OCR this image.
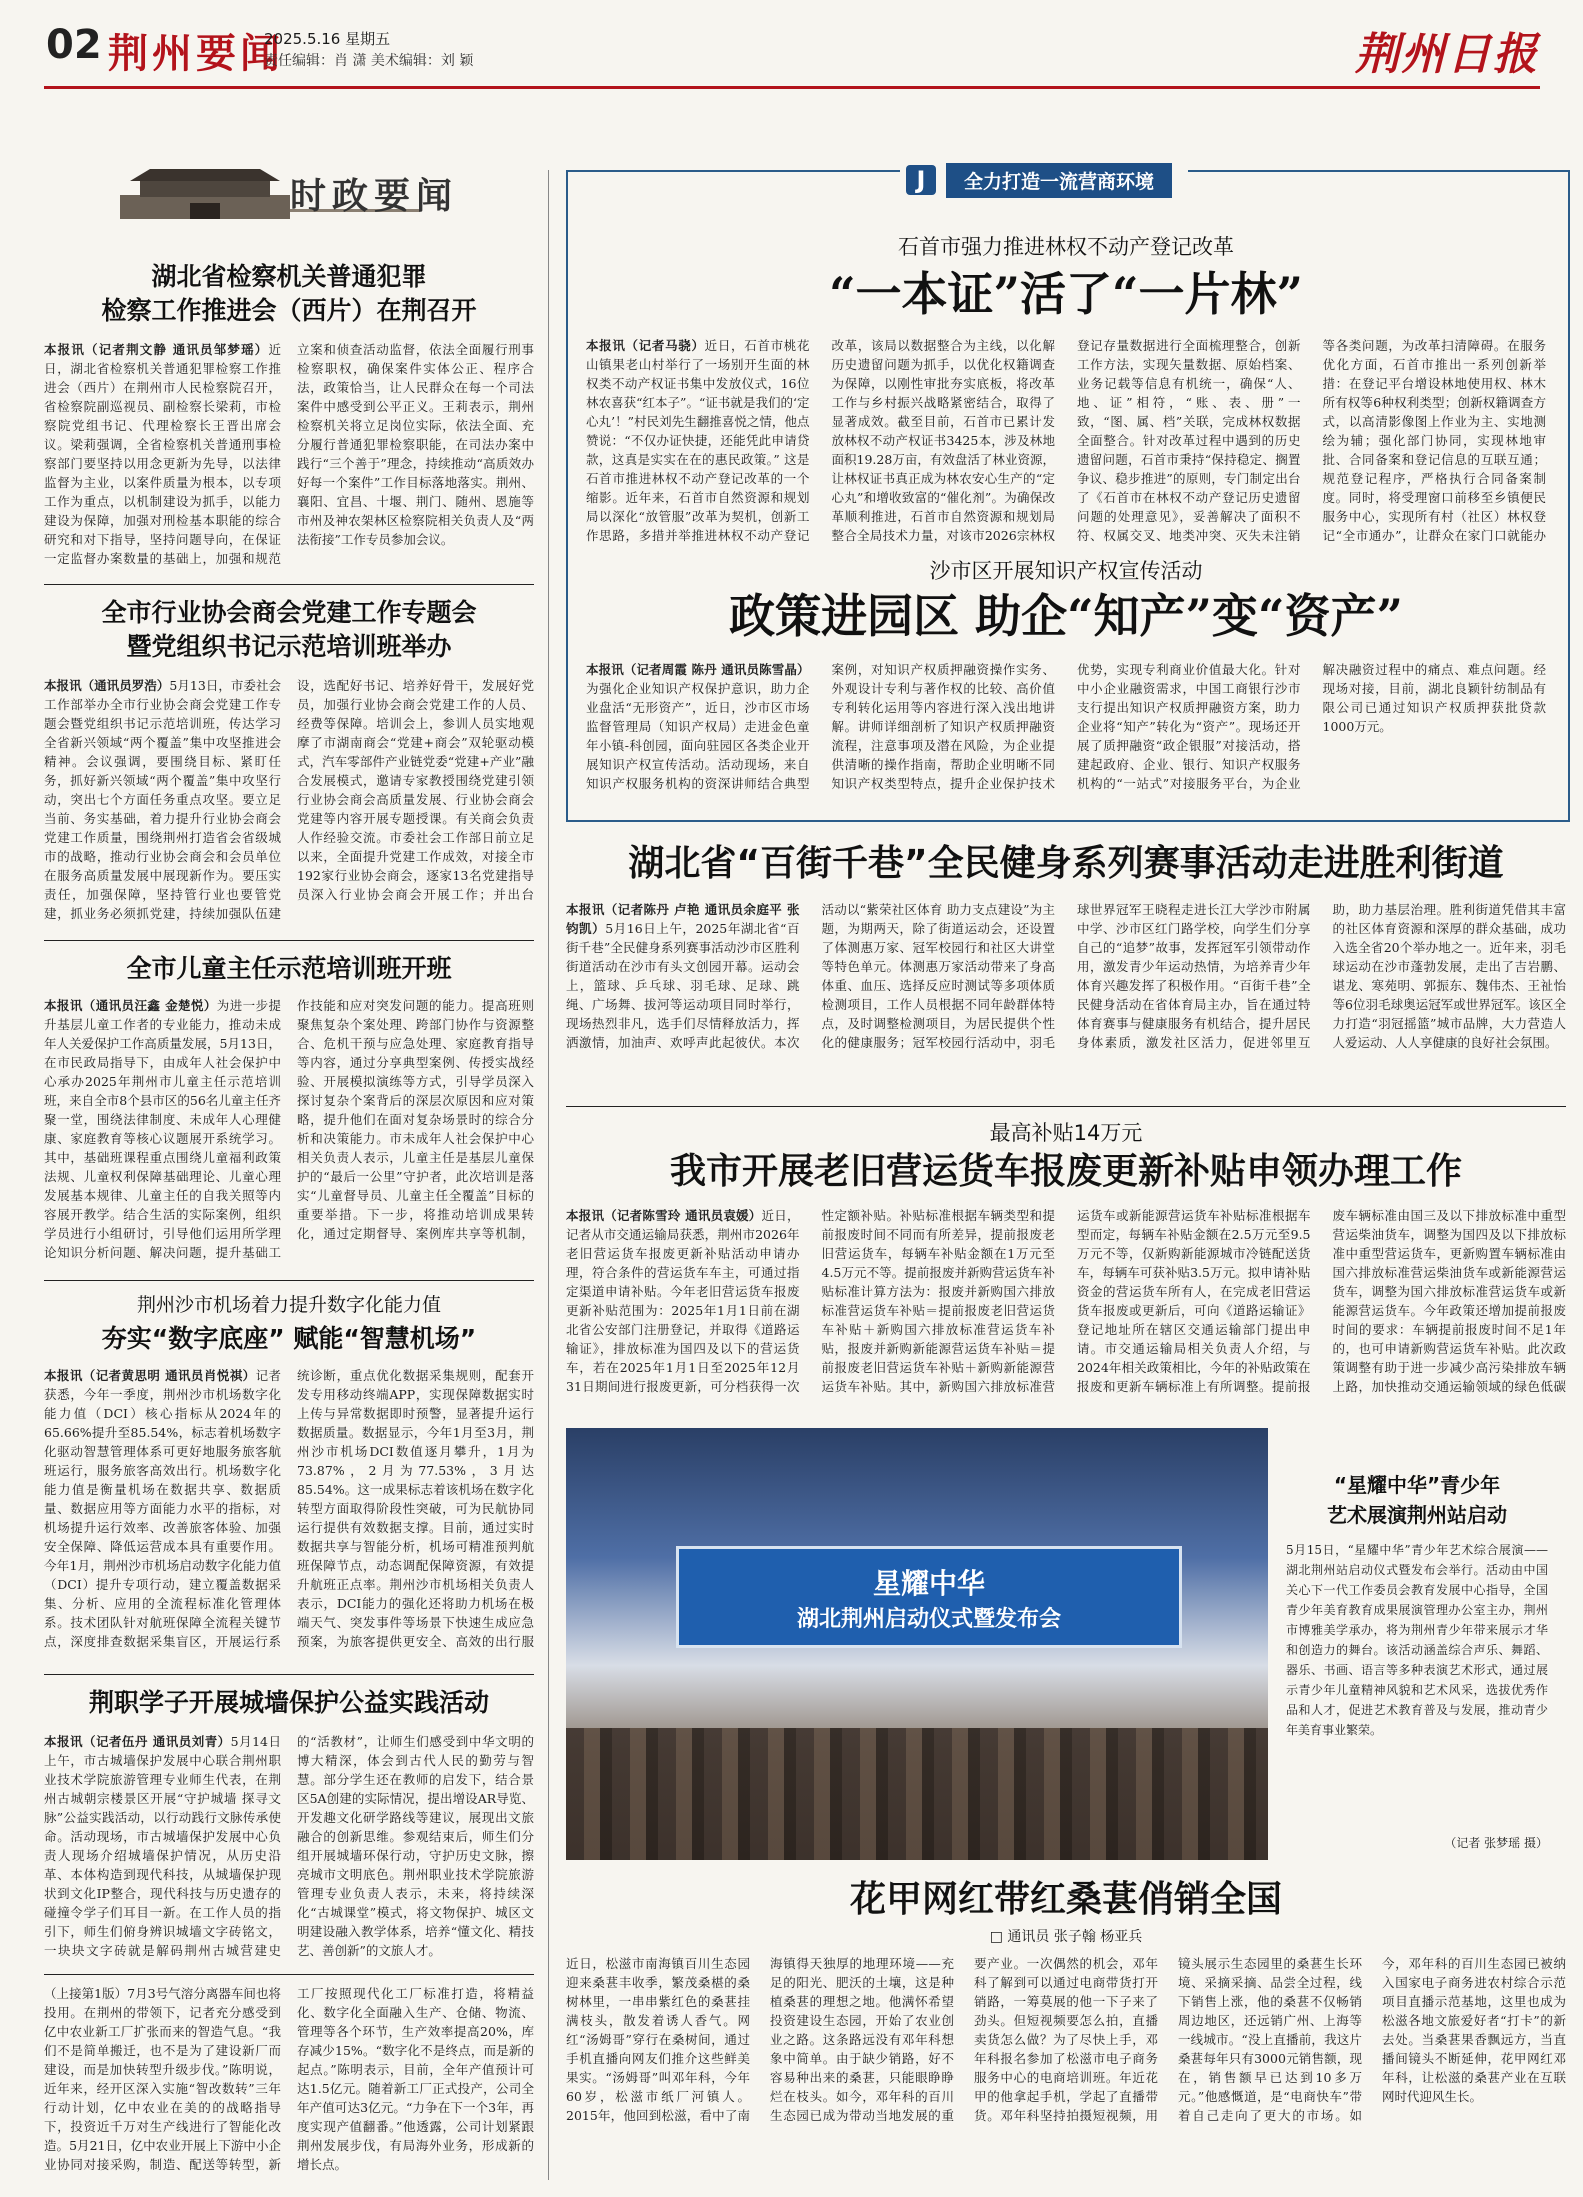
02 荆州要闻
2025.5.16 星期五
责任编辑：肖 潇 美术编辑：刘 颖	荆州日报
时政要闻
湖北省检察机关普通犯罪
检察工作推进会（西片）在荆召开
本报讯（记者荆文静 通讯员邹梦瑶）近日，湖北省检察机关普通犯罪检察工作推进会（西片）在荆州市人民检察院召开，省检察院副巡视员、副检察长梁莉，市检察院党组书记、代理检察长王晋出席会议。梁莉强调，全省检察机关普通刑事检察部门要坚持以用念更新为先导，以法律监督为主业，以案件质量为根本，以专项工作为重点，以机制建设为抓手，以能力建设为保障，加强对刑检基本职能的综合研究和对下指导，坚持问题导向，在保证一定监督办案数量的基础上，加强和规范立案和侦查活动监督，依法全面履行刑事检察职权，确保案件实体公正、程序合法，政策恰当，让人民群众在每一个司法案件中感受到公平正义。王莉表示，荆州检察机关将立足岗位实际，依法全面、充分履行普通犯罪检察职能，在司法办案中践行“三个善于”理念，持续推动“高质效办好每一个案件”工作目标落地落实。荆州、襄阳、宜昌、十堰、荆门、随州、恩施等市州及神农架林区检察院相关负责人及“两法衔接”工作专员参加会议。
全市行业协会商会党建工作专题会
暨党组织书记示范培训班举办
本报讯（通讯员罗浩）5月13日，市委社会工作部举办全市行业协会商会党建工作专题会暨党组织书记示范培训班，传达学习全省新兴领域“两个覆盖”集中攻坚推进会精神。会议强调，要围绕目标、紧盯任务，抓好新兴领域“两个覆盖”集中攻坚行动，突出七个方面任务重点攻坚。要立足当前、务实基础，着力提升行业协会商会党建工作质量，围绕荆州打造省会省级城市的战略，推动行业协会商会和会员单位在服务高质量发展中展现新作为。要压实责任，加强保障，坚持管行业也要管党建，抓业务必须抓党建，持续加强队伍建设，选配好书记、培养好骨干，发展好党员，加强行业协会商会党建工作的人员、经费等保障。培训会上，参训人员实地观摩了市湖南商会“党建+商会”双轮驱动模式，汽车零部件产业链党委“党建+产业”融合发展模式，邀请专家教授围绕党建引领行业协会商会高质量发展、行业协会商会党建等内容开展专题授课。有关商会负责人作经验交流。市委社会工作部日前立足以来，全面提升党建工作成效，对接全市192家行业协会商会，逐家13名党建指导员深入行业协会商会开展工作；并出台
全市儿童主任示范培训班开班
本报讯（通讯员汪鑫 金楚悦）为进一步提升基层儿童工作者的专业能力，推动未成年人关爱保护工作高质量发展，5月13日，在市民政局指导下，由成年人社会保护中心承办2025年荆州市儿童主任示范培训班，来自全市8个县市区的56名儿童主任齐聚一堂，围绕法律制度、未成年人心理健康、家庭教育等核心议题展开系统学习。其中，基础班课程重点围绕儿童福利政策法规、儿童权利保障基础理论、儿童心理发展基本规律、儿童主任的自我关照等内容展开教学。结合生活的实际案例，组织学员进行小组研讨，引导他们运用所学理论知识分析问题、解决问题，提升基础工作技能和应对突发问题的能力。提高班则聚焦复杂个案处理、跨部门协作与资源整合、危机干预与应急处理、家庭教育指导等内容，通过分享典型案例、传授实战经验、开展模拟演练等方式，引导学员深入探讨复杂个案背后的深层次原因和应对策略，提升他们在面对复杂场景时的综合分析和决策能力。市未成年人社会保护中心相关负责人表示，儿童主任是基层儿童保护的“最后一公里”守护者，此次培训是落实“儿童督导员、儿童主任全覆盖”目标的重要举措。下一步，将推动培训成果转化，通过定期督导、案例库共享等机制，
荆州沙市机场着力提升数字化能力值
夯实“数字底座” 赋能“智慧机场”
本报讯（记者黄思明 通讯员肖悦祺）记者获悉，今年一季度，荆州沙市机场数字化能力值（DCI）核心指标从2024年的65.66%提升至85.54%，标志着机场数字化驱动智慧管理体系可更好地服务旅客航班运行，服务旅客高效出行。机场数字化能力值是衡量机场在数据共享、数据质量、数据应用等方面能力水平的指标，对机场提升运行效率、改善旅客体验、加强安全保障、降低运营成本具有重要作用。今年1月，荆州沙市机场启动数字化能力值（DCI）提升专项行动，建立覆盖数据采集、分析、应用的全流程标准化管理体系。技术团队针对航班保障全流程关键节点，深度排查数据采集盲区，开展运行系统诊断，重点优化数据采集规则，配套开发专用移动终端APP，实现保障数据实时上传与异常数据即时预警，显著提升运行数据质量。数据显示，今年1月至3月，荆州沙市机场DCI数值逐月攀升，1月为73.87%，2月为77.53%，3月达85.54%。这一成果标志着该机场在数字化转型方面取得阶段性突破，可为民航协同运行提供有效数据支撑。目前，通过实时数据共享与智能分析，机场可精准预判航班保障节点，动态调配保障资源，有效提升航班正点率。荆州沙市机场相关负责人表示，DCI能力的强化还将助力机场在极端天气、突发事件等场景下快速生成应急预案，为旅客提供更安全、高效的出行服
荆职学子开展城墙保护公益实践活动
本报讯（记者伍丹 通讯员刘青）5月14日上午，市古城墙保护发展中心联合荆州职业技术学院旅游管理专业师生代表，在荆州古城朝宗楼景区开展“守护城墙 探寻文脉”公益实践活动，以行动践行文脉传承使命。活动现场，市古城墙保护发展中心负责人现场介绍城墙保护情况，从历史沿革、本体构造到现代科技，从城墙保护现状到文化IP整合，现代科技与历史遗存的碰撞令学子们耳目一新。在工作人员的指引下，师生们俯身辨识城墙文字砖铭文，一块块文字砖就是解码荆州古城营建史的“活教材”，让师生们感受到中华文明的博大精深，体会到古代人民的勤劳与智慧。部分学生还在教师的启发下，结合景区5A创建的实际情况，提出增设AR导览、开发趣文化研学路线等建议，展现出文旅融合的创新思维。参观结束后，师生们分组开展城墙环保行动，守护历史文脉，擦亮城市文明底色。荆州职业技术学院旅游管理专业负责人表示，未来，将持续深化“古城课堂”模式，将文物保护、城区文明建设融入教学体系，培养“懂文化、精技艺、善创新”的文旅人才。
（上接第1版）7月3号气溶分离器车间也将投用。在荆州的带领下，记者充分感受到亿中农业新工厂扩张而来的智造气息。“我们不是简单搬迁，也不是为了建设新厂而建设，而是加快转型升级步伐。”陈明说，近年来，经开区深入实施“智改数转”三年行动计划，亿中农业在美的的战略指导下，投资近千万对生产线进行了智能化改造。5月21日，亿中农业开展上下游中小企业协同对接采购，制造、配送等转型，新工厂按照现代化工厂标准打造，将精益化、数字化全面融入生产、仓储、物流、管理等各个环节，生产效率提高20%，库存减少15%。“数字化不是终点，而是新的起点。”陈明表示，目前，全年产值预计可达1.5亿元。随着新工厂正式投产，公司全年产值可达3亿元。“力争在下一个3年，再度实现产值翻番。”他透露，公司计划紧跟荆州发展步伐，有局海外业务，形成新的增长点。
J	全力打造一流营商环境
石首市强力推进林权不动产登记改革
“一本证”活了“一片林”
本报讯（记者马骁）近日，石首市桃花山镇果老山村举行了一场别开生面的林权类不动产权证书集中发放仪式，16位林农喜获“红本子”。“证书就是我们的‘定心丸’！”村民刘先生翻推喜悦之情，他点赞说：“不仅办证快捷，还能凭此申请贷款，这真是实实在在的惠民政策。” 这是石首市推进林权不动产登记改革的一个缩影。近年来，石首市自然资源和规划局以深化“放管服”改革为契机，创新工作思路，多措并举推进林权不动产登记改革，该局以数据整合为主线，以化解历史遗留问题为抓手，以优化权籍调查为保障，以刚性审批夯实底板，将改革工作与乡村振兴战略紧密结合，取得了显著成效。截至目前，石首市已累计发放林权不动产权证书3425本，涉及林地面积19.28万亩，有效盘活了林业资源，让林权证书真正成为林农安心生产的“定心丸”和增收致富的“催化剂”。为确保改革顺利推进，石首市自然资源和规划局整合全局技术力量，对该市2026宗林权登记存量数据进行全面梳理整合，创新工作方法，实现矢量数据、原始档案、业务记载等信息有机统一，确保“人、地、证”相符，“账、表、册”一致，“图、属、档”关联，完成林权数据全面整合。针对改革过程中遇到的历史遗留问题，石首市秉持“保持稳定、搁置争议、稳步推进”的原则，专门制定出台了《石首市在林权不动产登记历史遗留问题的处理意见》，妥善解决了面积不符、权属交叉、地类冲突、灭失未注销等各类问题，为改革扫清障碍。在服务优化方面，石首市推出一系列创新举措：在登记平台增设林地使用权、林木所有权等6种权利类型；创新权籍调查方式，以高清影像图上作业为主、实地测绘为辅；强化部门协同，实现林地审批、合同备案和登记信息的互联互通；规范登记程序，严格执行合同备案制度。同时，将受理窗口前移至乡镇便民服务中心，实现所有村（社区）林权登记“全市通办”，让群众在家门口就能办
沙市区开展知识产权宣传活动
政策进园区 助企“知产”变“资产”
本报讯（记者周霞 陈丹 通讯员陈雪晶）为强化企业知识产权保护意识，助力企业盘活“无形资产”，近日，沙市区市场监督管理局（知识产权局）走进金色童年小镇-科创园，面向驻园区各类企业开展知识产权宣传活动。活动现场，来自知识产权服务机构的资深讲师结合典型案例，对知识产权质押融资操作实务、外观设计专利与著作权的比较、高价值专利转化运用等内容进行深入浅出地讲解。讲师详细剖析了知识产权质押融资流程，注意事项及潜在风险，为企业提供清晰的操作指南，帮助企业明晰不同知识产权类型特点，提升企业保护技术优势，实现专利商业价值最大化。针对中小企业融资需求，中国工商银行沙市支行提出知识产权质押融资方案，助力企业将“知产”转化为“资产”。现场还开展了质押融资“政企银服”对接活动，搭建起政府、企业、银行、知识产权服务机构的“一站式”对接服务平台，为企业解决融资过程中的痛点、难点问题。经现场对接，目前，湖北良颖针纺制品有限公司已通过知识产权质押获批贷款1000万元。
湖北省“百街千巷”全民健身系列赛事活动走进胜利街道
本报讯（记者陈丹 卢艳 通讯员余庭平 张钧凯）5月16日上午，2025年湖北省“百街千巷”全民健身系列赛事活动沙市区胜利街道活动在沙市有头文创园开幕。运动会上，篮球、乒乓球、羽毛球、足球、跳绳、广场舞、拔河等运动项目同时举行，现场热烈非凡，选手们尽情释放活力，挥洒激情，加油声、欢呼声此起彼伏。本次活动以“紫荣社区体育 助力支点建设”为主题，为期两天，除了街道运动会，还设置了体测惠万家、冠军校园行和社区大讲堂等特色单元。体测惠万家活动带来了身高体重、血压、选择反应时测试等多项体质检测项目，工作人员根据不同年龄群体特点，及时调整检测项目，为居民提供个性化的健康服务；冠军校园行活动中，羽毛球世界冠军王晓程走进长江大学沙市附属中学、沙市区红门路学校，向学生们分享自己的“追梦”故事，发挥冠军引领带动作用，激发青少年运动热情，为培养青少年体育兴趣发挥了积极作用。“百街千巷”全民健身活动在省体育局主办，旨在通过特体育赛事与健康服务有机结合，提升居民身体素质，激发社区活力，促进邻里互助，助力基层治理。胜利街道凭借其丰富的社区体育资源和深厚的群众基础，成功入选全省20个举办地之一。近年来，羽毛球运动在沙市蓬勃发展，走出了吉岩鹏、谌龙、寒苑明、郭振东、魏伟杰、王祉怡等6位羽毛球奥运冠军或世界冠军。该区全力打造“羽冠摇篮”城市品牌，大力营造人人爱运动、人人享健康的良好社会氛围。
最高补贴14万元
我市开展老旧营运货车报废更新补贴申领办理工作
本报讯（记者陈雪玲 通讯员袁媛）近日，记者从市交通运输局获悉，荆州市2026年老旧营运货车报废更新补贴活动申请办理，符合条件的营运货车车主，可通过指定渠道申请补贴。今年老旧营运货车报废更新补贴范围为：2025年1月1日前在湖北省公安部门注册登记，并取得《道路运输证》，排放标准为国四及以下的营运货车，若在2025年1月1日至2025年12月31日期间进行报废更新，可分档获得一次性定额补贴。补贴标准根据车辆类型和提前报废时间不同而有所差异，提前报废老旧营运货车，每辆车补贴金额在1万元至4.5万元不等。提前报废并新购营运货车补贴标准计算方法为：报废并新购国六排放标准营运货车补贴＝提前报废老旧营运货车补贴＋新购国六排放标准营运货车补贴，报废并新购新能源营运货车补贴＝提前报废老旧营运货车补贴＋新购新能源营运货车补贴。其中，新购国六排放标准营运货车或新能源营运货车补贴标准根据车型而定，每辆车补贴金额在2.5万元至9.5万元不等，仅新购新能源城市冷链配送货车，每辆车可获补贴3.5万元。拟申请补贴资金的营运货车所有人，在完成老旧营运货车报废或更新后，可向《道路运输证》登记地址所在辖区交通运输部门提出申请。市交通运输局相关负责人介绍，与2024年相关政策相比，今年的补贴政策在报废和更新车辆标准上有所调整。提前报废车辆标准由国三及以下排放标准中重型营运柴油货车，调整为国四及以下排放标准中重型营运货车，更新购置车辆标准由国六排放标准营运柴油货车或新能源营运货车，调整为国六排放标准营运货车或新能源营运货车。今年政策还增加提前报废时间的要求：车辆提前报废时间不足1年的，也可申请新购营运货车补贴。此次政策调整有助于进一步减少高污染排放车辆上路，加快推动交通运输领域的绿色低碳
星耀中华
湖北荆州启动仪式暨发布会
“星耀中华”青少年
艺术展演荆州站启动
5月15日，“星耀中华”青少年艺术综合展演——湖北荆州站启动仪式暨发布会举行。活动由中国关心下一代工作委员会教育发展中心指导，全国青少年美育教育成果展演管理办公室主办，荆州市博雅美学承办，将为荆州青少年带来展示才华和创造力的舞台。该活动涵盖综合声乐、舞蹈、器乐、书画、语言等多种表演艺术形式，通过展示青少年儿童精神风貌和艺术风采，选拔优秀作品和人才，促进艺术教育普及与发展，推动青少年美育事业繁荣。
（记者 张梦瑶 摄）
花甲网红带红桑葚俏销全国
□ 通讯员 张子翰 杨亚兵
近日，松滋市南海镇百川生态园迎来桑葚丰收季，繁茂桑椹的桑树林里，一串串紫红色的桑葚挂满枝头，散发着诱人香气。网红“汤姆哥”穿行在桑树间，通过手机直播向网友们推介这些鲜美果实。“汤姆哥”叫邓年科，今年60岁，松滋市纸厂河镇人。2015年，他回到松滋，看中了南海镇得天独厚的地理环境——充足的阳光、肥沃的土壤，这是种植桑葚的理想之地。他满怀希望投资建设生态园，开始了农业创业之路。这条路远没有邓年科想象中简单。由于缺少销路，好不容易种出来的桑葚，只能眼睁睁烂在枝头。如今，邓年科的百川生态园已成为带动当地发展的重要产业。一次偶然的机会，邓年科了解到可以通过电商带货打开销路，一筹莫展的他一下子来了劲头。但短视频要怎么拍，直播卖货怎么做？为了尽快上手，邓年科报名参加了松滋市电子商务服务中心的电商培训班。年近花甲的他拿起手机，学起了直播带货。邓年科坚持拍摄短视频，用镜头展示生态园里的桑葚生长环境、采摘采摘、品尝全过程，线下销售上涨，他的桑葚不仅畅销周边地区，还远销广州、上海等一线城市。“没上直播前，我这片桑葚每年只有3000元销售额，现在，销售额早已达到10多万元。”他感慨道，是“电商快车”带着自己走向了更大的市场。如今，邓年科的百川生态园已被纳入国家电子商务进农村综合示范项目直播示范基地，这里也成为松滋各地文旅爱好者“打卡”的新去处。当桑葚果香飘远方，当直播间镜头不断延伸，花甲网红邓年科，让松滋的桑葚产业在互联网时代迎风生长。
